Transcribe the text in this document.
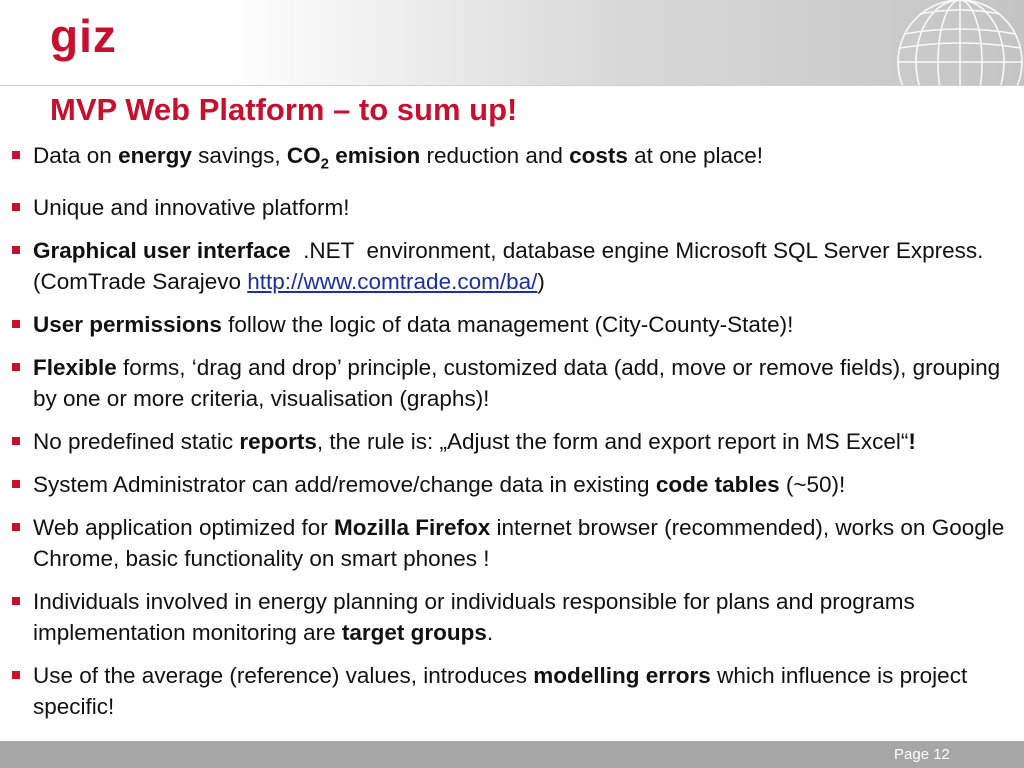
giz
MVP Web Platform – to sum up!
Data on energy savings, $CO_2$ emision reduction and costs at one place!
Unique and innovative platform!
Graphical user interface  .NET  environment, database engine Microsoft SQL Server Express. (ComTrade Sarajevo http://www.comtrade.com/ba/)
User permissions follow the logic of data management (City-County-State)!
Flexible forms, ‘drag and drop’ principle, customized data (add, move or remove fields), grouping by one or more criteria, visualisation (graphs)!
No predefined static reports, the rule is: „Adjust the form and export report in MS Excel“!
System Administrator can add/remove/change data in existing code tables (~50)!
Web application optimized for Mozilla Firefox internet browser (recommended), works on Google Chrome, basic functionality on smart phones !
Individuals involved in energy planning or individuals responsible for plans and programs implementation monitoring are target groups.
Use of the average (reference) values, introduces modelling errors which influence is project specific!
Page 12
